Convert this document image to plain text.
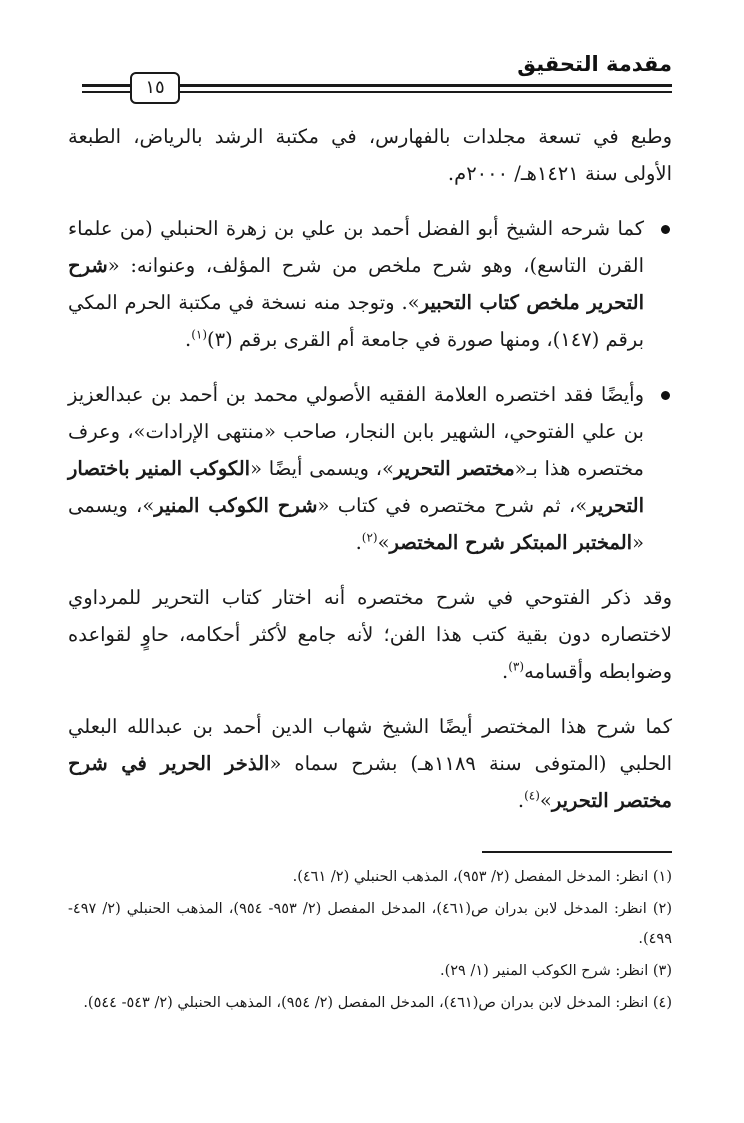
مقدمة التحقيق
١٥

وطبع في تسعة مجلدات بالفهارس، في مكتبة الرشد بالرياض، الطبعة الأولى سنة ١٤٢١هـ/ ٢٠٠٠م.

كما شرحه الشيخ أبو الفضل أحمد بن علي بن زهرة الحنبلي (من علماء القرن التاسع)، وهو شرح ملخص من شرح المؤلف، وعنوانه: «شرح التحرير ملخص كتاب التحبير». وتوجد منه نسخة في مكتبة الحرم المكي برقم (١٤٧)، ومنها صورة في جامعة أم القرى برقم (٣)$^{(١)}$.

وأيضًا فقد اختصره العلامة الفقيه الأصولي محمد بن أحمد بن عبدالعزيز بن علي الفتوحي، الشهير بابن النجار، صاحب «منتهى الإرادات»، وعرف مختصره هذا بـ«مختصر التحرير»، ويسمى أيضًا «الكوكب المنير باختصار التحرير»، ثم شرح مختصره في كتاب «شرح الكوكب المنير»، ويسمى «المختبر المبتكر شرح المختصر»$^{(٢)}$.

وقد ذكر الفتوحي في شرح مختصره أنه اختار كتاب التحرير للمرداوي لاختصاره دون بقية كتب هذا الفن؛ لأنه جامع لأكثر أحكامه، حاوٍ لقواعده وضوابطه وأقسامه$^{(٣)}$.

كما شرح هذا المختصر أيضًا الشيخ شهاب الدين أحمد بن عبدالله البعلي الحلبي (المتوفى سنة ١١٨٩هـ) بشرح سماه «الذخر الحرير في شرح مختصر التحرير»$^{(٤)}$.

(١) انظر: المدخل المفصل (٢/ ٩٥٣)، المذهب الحنبلي (٢/ ٤٦١).

(٢) انظر: المدخل لابن بدران ص(٤٦١)، المدخل المفصل (٢/ ٩٥٣- ٩٥٤)، المذهب الحنبلي (٢/ ٤٩٧- ٤٩٩).

(٣) انظر: شرح الكوكب المنير (١/ ٢٩).

(٤) انظر: المدخل لابن بدران ص(٤٦١)، المدخل المفصل (٢/ ٩٥٤)، المذهب الحنبلي (٢/ ٥٤٣- ٥٤٤).
